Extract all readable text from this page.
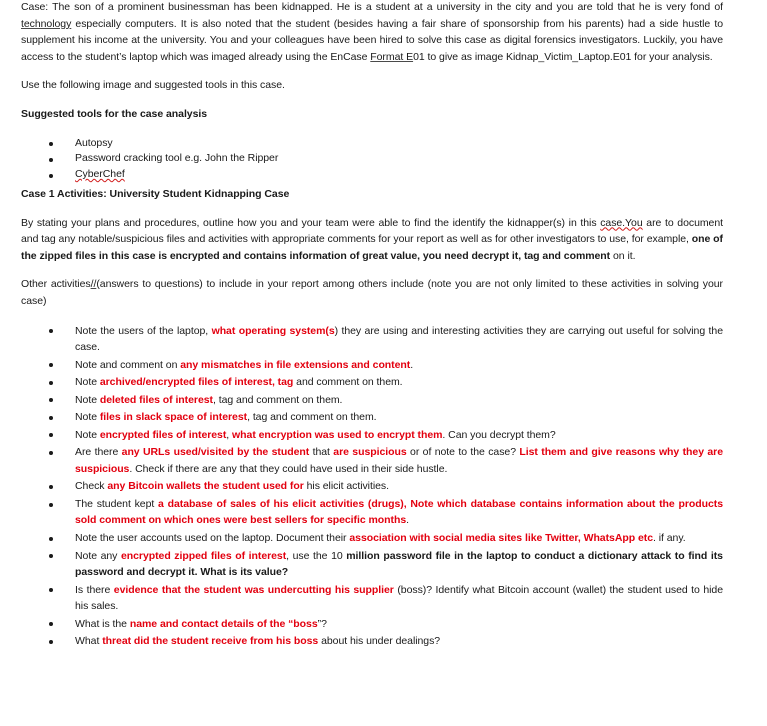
Case: The son of a prominent businessman has been kidnapped. He is a student at a university in the city and you are told that he is very fond of technology especially computers. It is also noted that the student (besides having a fair share of sponsorship from his parents) had a side hustle to supplement his income at the university. You and your colleagues have been hired to solve this case as digital forensics investigators. Luckily, you have access to the student’s laptop which was imaged already using the EnCase Format E01 to give as image Kidnap_Victim_Laptop.E01 for your analysis.

Use the following image and suggested tools in this case.

Suggested tools for the case analysis

Autopsy
Password cracking tool e.g. John the Ripper
CyberChef

Case 1 Activities: University Student Kidnapping Case

By stating your plans and procedures, outline how you and your team were able to find the identify the kidnapper(s) in this case.You are to document and tag any notable/suspicious files and activities with appropriate comments for your report as well as for other investigators to use, for example, one of the zipped files in this case is encrypted and contains information of great value, you need decrypt it, tag and comment on it.

Other activities//(answers to questions) to include in your report among others include (note you are not only limited to these activities in solving your case)

Note the users of the laptop, what operating system(s) they are using and interesting activities they are carrying out useful for solving the case.
Note and comment on any mismatches in file extensions and content.
Note archived/encrypted files of interest, tag and comment on them.
Note deleted files of interest, tag and comment on them.
Note files in slack space of interest, tag and comment on them.
Note encrypted files of interest, what encryption was used to encrypt them. Can you decrypt them?
Are there any URLs used/visited by the student that are suspicious or of note to the case? List them and give reasons why they are suspicious. Check if there are any that they could have used in their side hustle.
Check any Bitcoin wallets the student used for his elicit activities.
The student kept a database of sales of his elicit activities (drugs), Note which database contains information about the products sold comment on which ones were best sellers for specific months.
Note the user accounts used on the laptop. Document their association with social media sites like Twitter, WhatsApp etc. if any.
Note any encrypted zipped files of interest, use the 10 million password file in the laptop to conduct a dictionary attack to find its password and decrypt it. What is its value?
Is there evidence that the student was undercutting his supplier (boss)? Identify what Bitcoin account (wallet) the student used to hide his sales.
What is the name and contact details of the “boss”?
What threat did the student receive from his boss about his under dealings?
